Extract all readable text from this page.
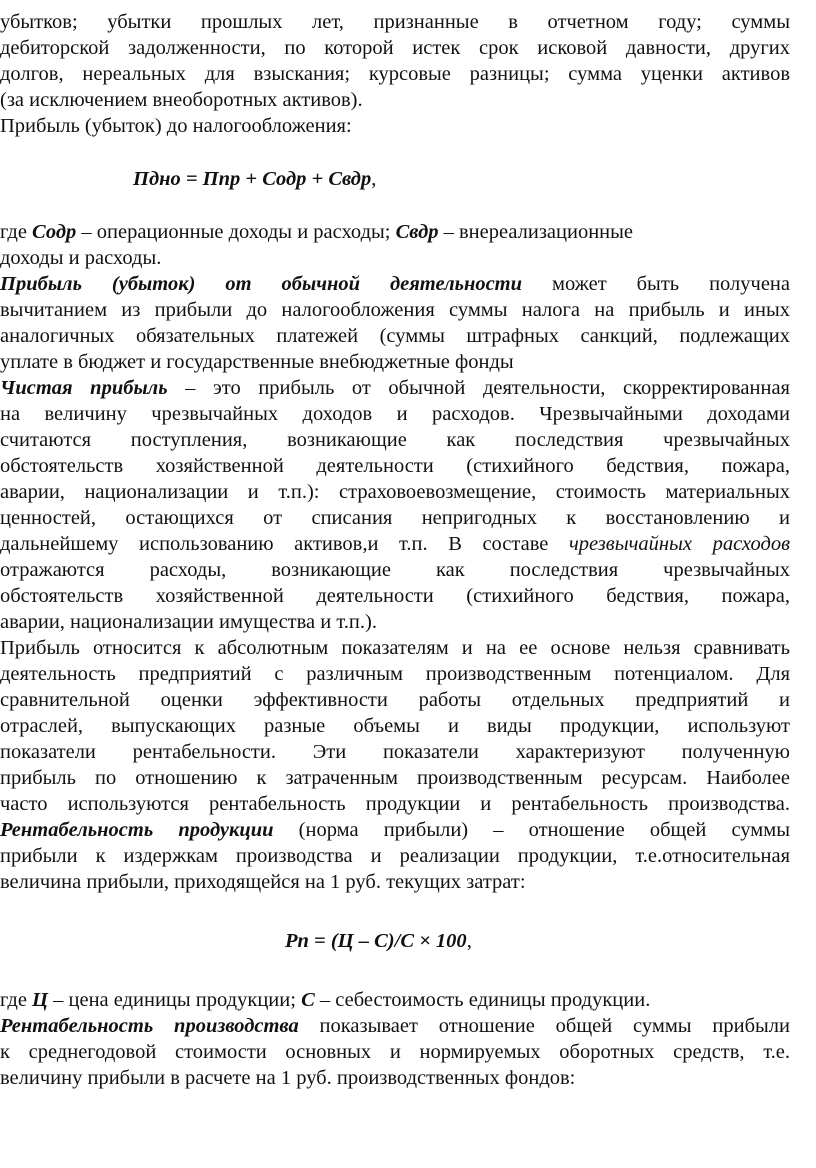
убытков; убытки прошлых лет, признанные в отчетном году; суммы
дебиторской задолженности, по которой истек срок исковой давности, других
долгов, нереальных для взыскания; курсовые разницы; сумма уценки активов
(за исключением внеоборотных активов).
Прибыль (убыток) до налогообложения:
Пдно = Ппр + Содр + Свдр,
где Содр – операционные доходы и расходы; Свдр – внереализационные
доходы и расходы.
Прибыль (убыток) от обычной деятельности может быть получена
вычитанием из прибыли до налогообложения суммы налога на прибыль и иных
аналогичных обязательных платежей (суммы штрафных санкций, подлежащих
уплате в бюджет и государственные внебюджетные фонды
Чистая прибыль – это прибыль от обычной деятельности, скорректированная
на величину чрезвычайных доходов и расходов. Чрезвычайными доходами
считаются поступления, возникающие как последствия чрезвычайных
обстоятельств хозяйственной деятельности (стихийного бедствия, пожара,
аварии, национализации и т.п.): страховоевозмещение, стоимость материальных
ценностей, остающихся от списания непригодных к восстановлению и
дальнейшему использованию активов,и т.п. В составе чрезвычайных расходов
отражаются расходы, возникающие как последствия чрезвычайных
обстоятельств хозяйственной деятельности (стихийного бедствия, пожара,
аварии, национализации имущества и т.п.).
Прибыль относится к абсолютным показателям и на ее основе нельзя сравнивать
деятельность предприятий с различным производственным потенциалом. Для
сравнительной оценки эффективности работы отдельных предприятий и
отраслей, выпускающих разные объемы и виды продукции, используют
показатели рентабельности. Эти показатели характеризуют полученную
прибыль по отношению к затраченным производственным ресурсам. Наиболее
часто используются рентабельность продукции и рентабельность производства.
Рентабельность продукции (норма прибыли) – отношение общей суммы
прибыли к издержкам производства и реализации продукции, т.е.относительная
величина прибыли, приходящейся на 1 руб. текущих затрат:
Рп = (Ц – С)/С × 100,
где Ц – цена единицы продукции; С – себестоимость единицы продукции.
Рентабельность производства показывает отношение общей суммы прибыли
к среднегодовой стоимости основных и нормируемых оборотных средств, т.е.
величину прибыли в расчете на 1 руб. производственных фондов:
